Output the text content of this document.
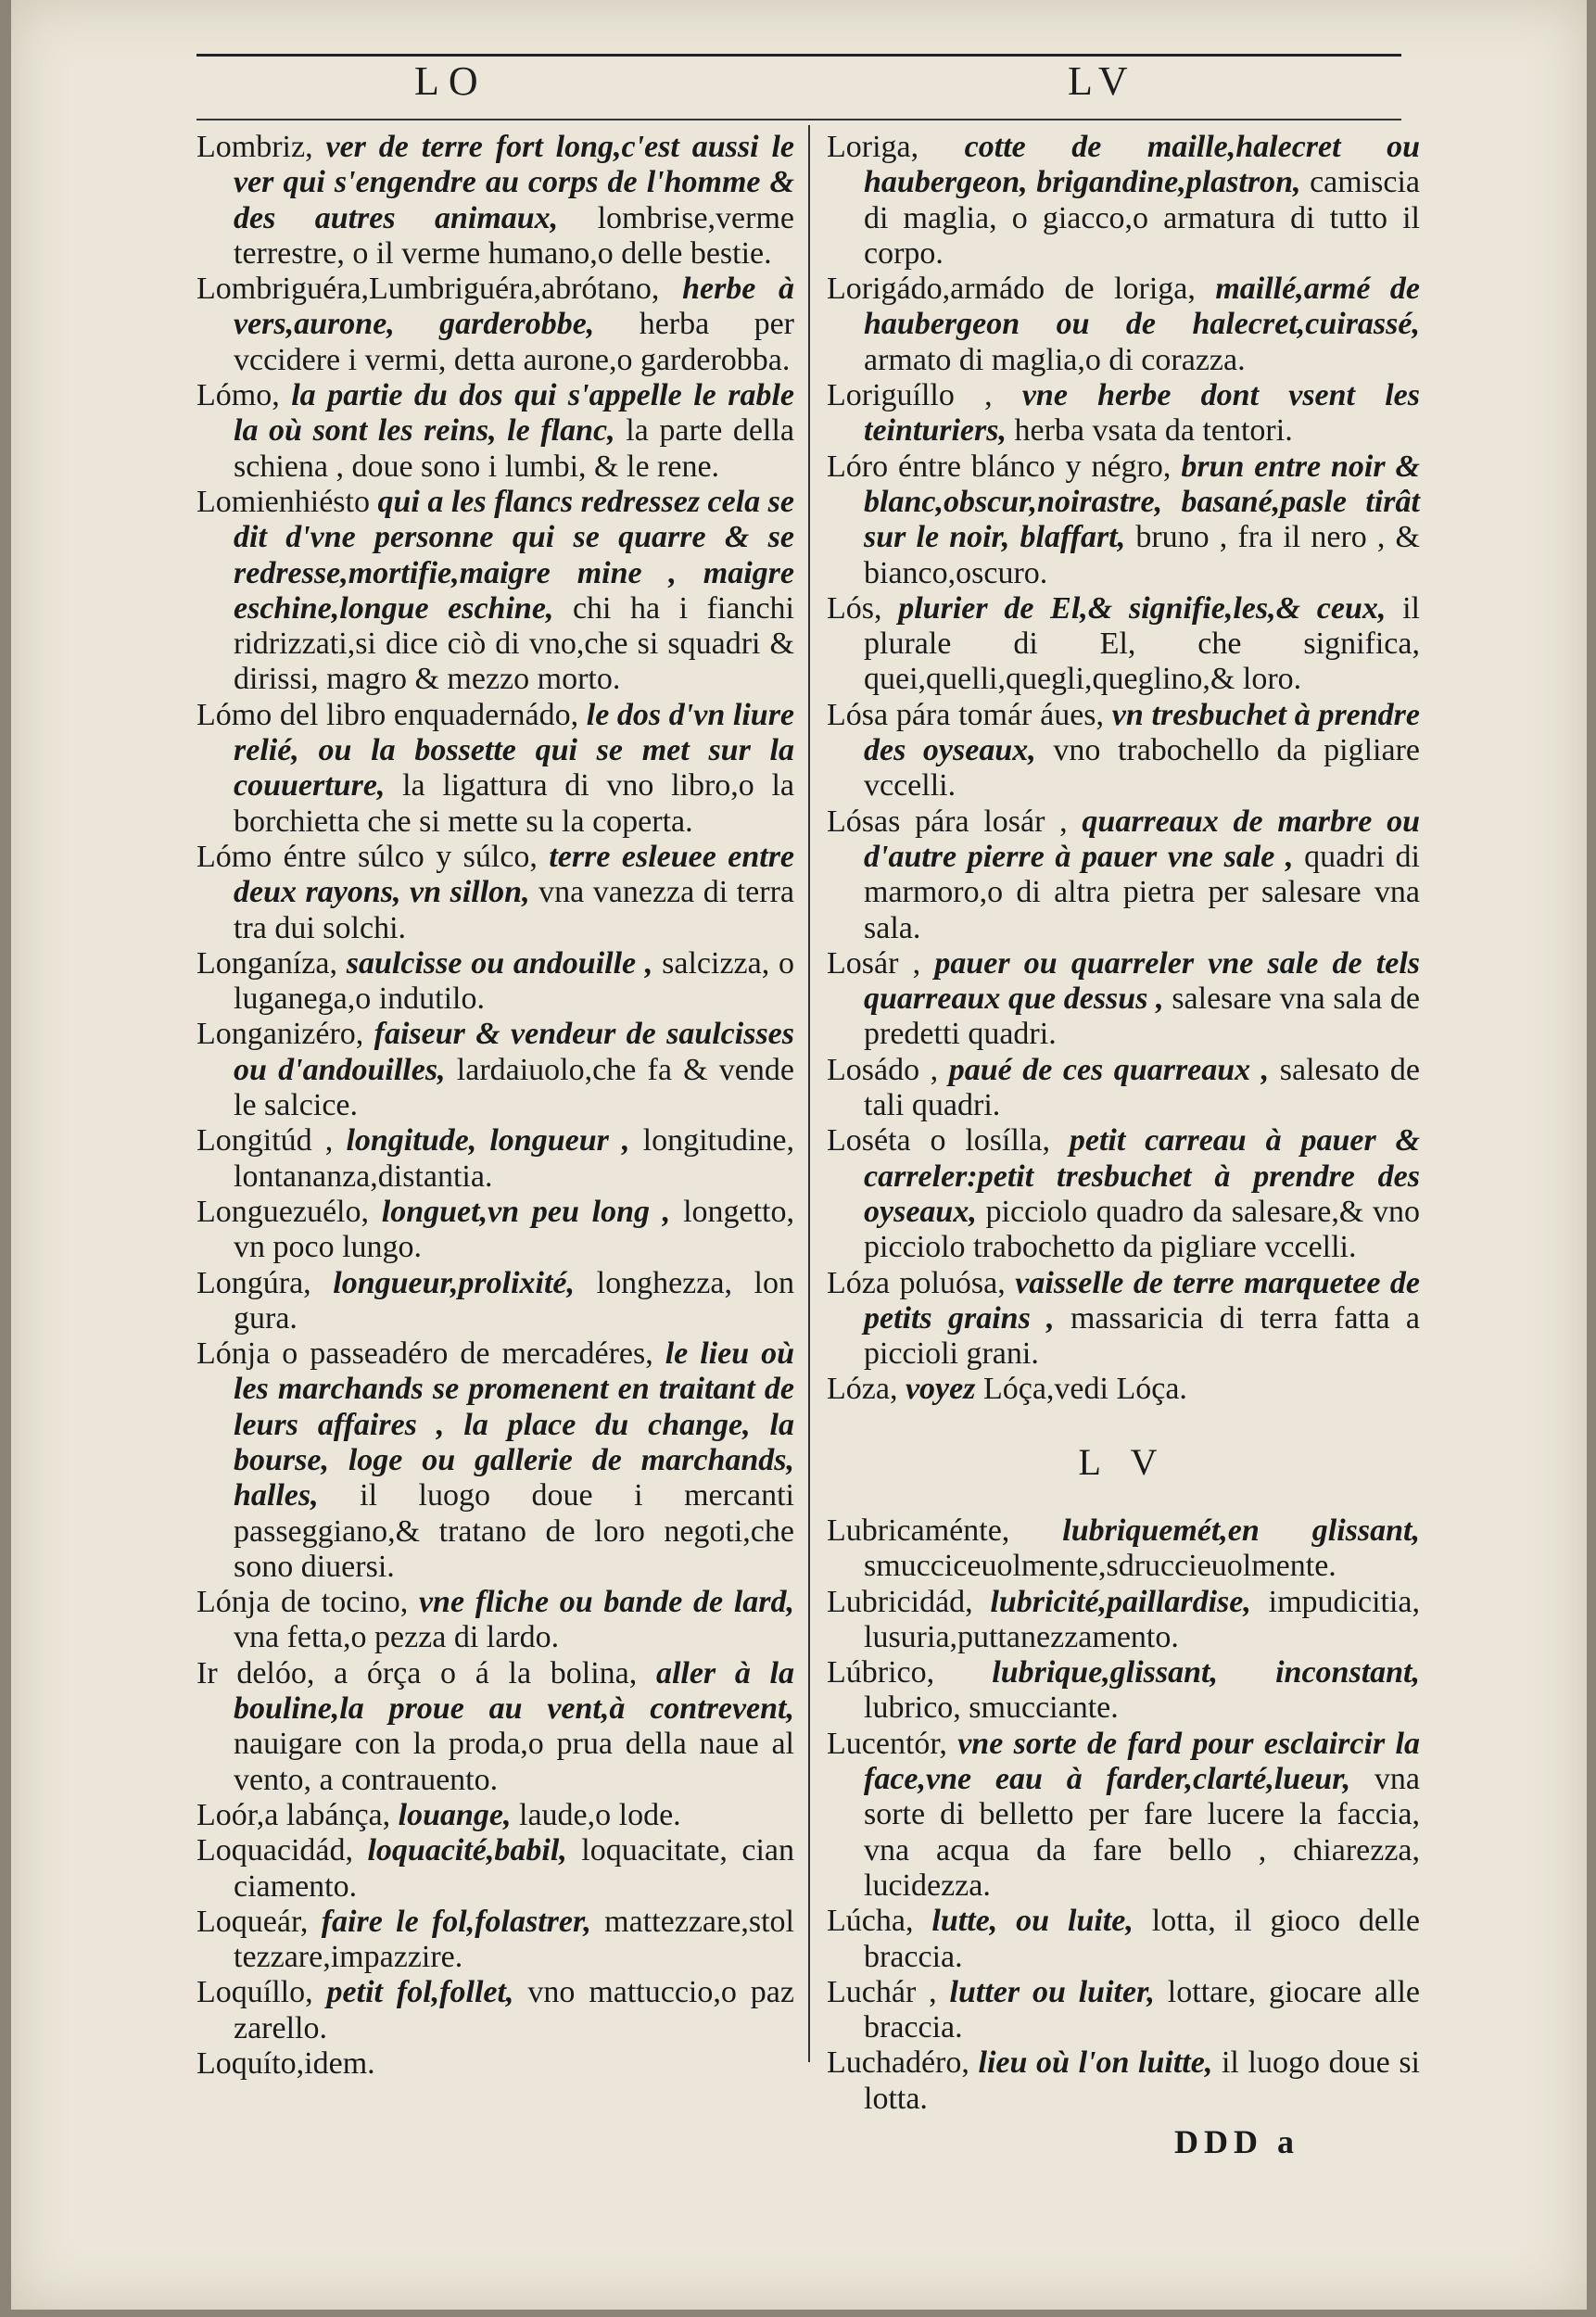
LO	LV

Lombriz, ver de terre fort long,c'est aussi le ver qui s'engendre au corps de l'homme & des autres animaux, lombrise,verme terrestre, o il verme humano,o delle bestie.

Lombriguéra,Lumbriguéra,abrótano, herbe à vers,aurone, garderobbe, herba per vccidere i vermi, detta aurone,o garderobba.

Lómo, la partie du dos qui s'appelle le rable la où sont les reins, le flanc, la parte della schiena , doue sono i lumbi, & le rene.

Lomienhiésto qui a les flancs redressez cela se dit d'vne personne qui se quarre & se redresse,mortifie,maigre mine , maigre eschine,longue eschine, chi ha i fianchi ridrizzati,si dice ciò di vno,che si squadri & dirissi, magro & mezzo morto.

Lómo del libro enquadernádo, le dos d'vn liure relié, ou la bossette qui se met sur la couuerture, la ligattura di vno libro,o la borchietta che si mette su la coperta.

Lómo éntre súlco y súlco, terre esleuee entre deux rayons, vn sillon, vna vanezza di terra tra dui solchi.

Longaníza, saulcisse ou andouille , salcizza, o luganega,o indutilo.

Longanizéro, faiseur & vendeur de saulcisses ou d'andouilles, lardaiuolo,che fa & vende le salcice.

Longitúd , longitude, longueur , longitudine, lontananza,distantia.

Longuezuélo, longuet,vn peu long , longetto, vn poco lungo.

Longúra, longueur,prolixité, longhezza, lon gura.

Lónja o passeadéro de mercadéres, le lieu où les marchands se promenent en traitant de leurs affaires , la place du change, la bourse, loge ou gallerie de marchands, halles, il luogo doue i mercanti passeggiano,& tratano de loro negoti,che sono diuersi.

Lónja de tocino, vne fliche ou bande de lard, vna fetta,o pezza di lardo.

Ir delóo, a órça o á la bolina, aller à la bouline,la proue au vent,à contrevent, nauigare con la proda,o prua della naue al vento, a contrauento.

Loór,a labánça, louange, laude,o lode.

Loquacidád, loquacité,babil, loquacitate, cian ciamento.

Loqueár, faire le fol,folastrer, mattezzare,stol tezzare,impazzire.

Loquíllo, petit fol,follet, vno mattuccio,o paz zarello.

Loquíto,idem.

Loriga, cotte de maille,halecret ou haubergeon, brigandine,plastron, camiscia di maglia, o giacco,o armatura di tutto il corpo.

Lorigádo,armádo de loriga, maillé,armé de haubergeon ou de halecret,cuirassé, armato di maglia,o di corazza.

Loriguíllo , vne herbe dont vsent les teinturiers, herba vsata da tentori.

Lóro éntre blánco y négro, brun entre noir & blanc,obscur,noirastre, basané,pasle tirât sur le noir, blaffart, bruno , fra il nero , & bianco,oscuro.

Lós, plurier de El,& signifie,les,& ceux, il plurale di El, che significa, quei,quelli,quegli,queglino,& loro.

Lósa pára tomár áues, vn tresbuchet à prendre des oyseaux, vno trabochello da pigliare vccelli.

Lósas pára losár , quarreaux de marbre ou d'autre pierre à pauer vne sale , quadri di marmoro,o di altra pietra per salesare vna sala.

Losár , pauer ou quarreler vne sale de tels quarreaux que dessus , salesare vna sala de predetti quadri.

Losádo , paué de ces quarreaux , salesato de tali quadri.

Loséta o losílla, petit carreau à pauer & carreler:petit tresbuchet à prendre des oyseaux, picciolo quadro da salesare,& vno picciolo trabochetto da pigliare vccelli.

Lóza poluósa, vaisselle de terre marquetee de petits grains , massaricia di terra fatta a piccioli grani.

Lóza, voyez Lóça,vedi Lóça.

L V

Lubricaménte, lubriquemét,en glissant, smucciceuolmente,sdruccieuolmente.

Lubricidád, lubricité,paillardise, impudicitia, lusuria,puttanezzamento.

Lúbrico, lubrique,glissant, inconstant, lubrico, smucciante.

Lucentór, vne sorte de fard pour esclaircir la face,vne eau à farder,clarté,lueur, vna sorte di belletto per fare lucere la faccia, vna acqua da fare bello , chiarezza, lucidezza.

Lúcha, lutte, ou luite, lotta, il gioco delle braccia.

Luchár , lutter ou luiter, lottare, giocare alle braccia.

Luchadéro, lieu où l'on luitte, il luogo doue si lotta.

DDD a
